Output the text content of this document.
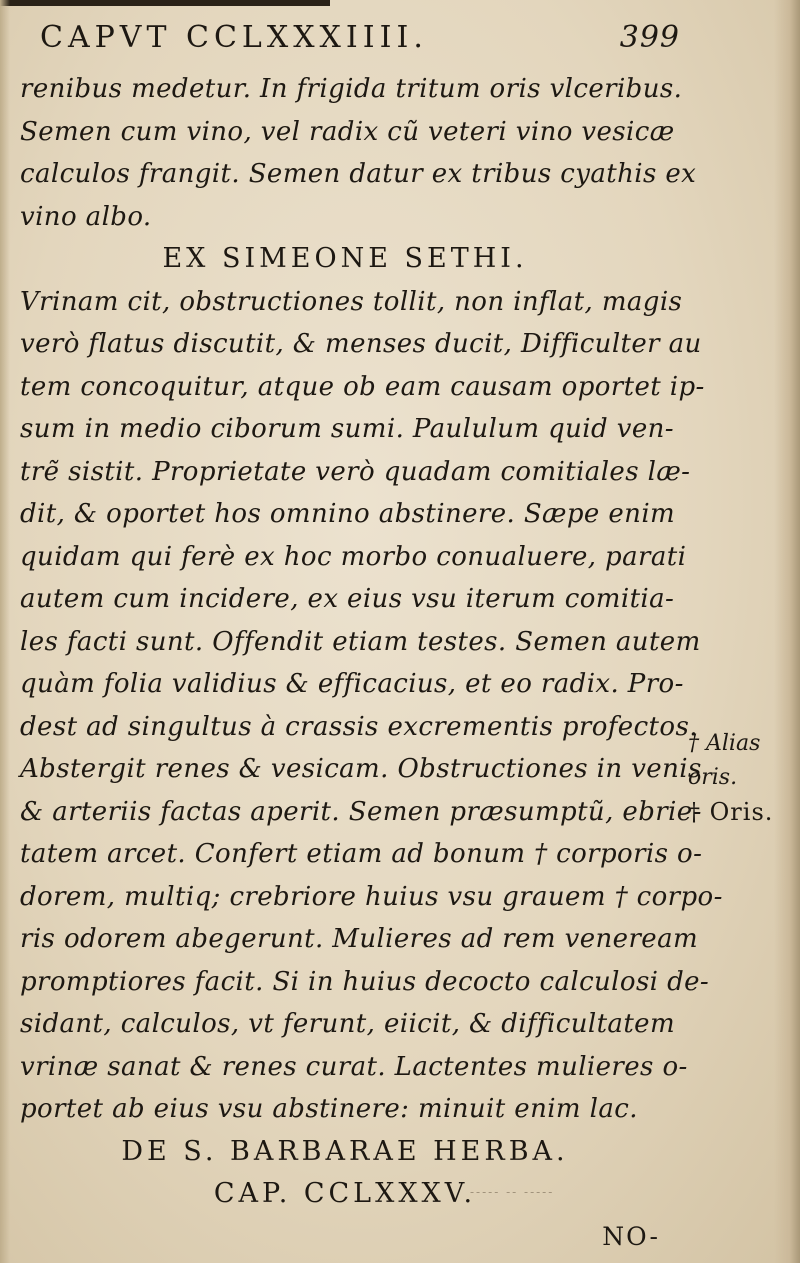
CAPVT CCLXXXIIII.	399
renibus medetur. In frigida tritum oris vlceribus.
Semen cum vino, vel radix cũ veteri vino vesicæ
calculos frangit. Semen datur ex tribus cyathis ex
vino albo.
EX SIMEONE SETHI.
Vrinam cit, obstructiones tollit, non inflat, magis
verò flatus discutit, & menses ducit, Difficulter au
tem concoquitur, atque ob eam causam oportet ip-
sum in medio ciborum sumi. Paululum quid ven-
trẽ sistit. Proprietate verò quadam comitiales læ-
dit, & oportet hos omnino abstinere. Sæpe enim
quidam qui ferè ex hoc morbo conualuere, parati
autem cum incidere, ex eius vsu iterum comitia-
les facti sunt. Offendit etiam testes. Semen autem
quàm folia validius & efficacius, et eo radix. Pro-
dest ad singultus à crassis excrementis profectos.
Abstergit renes & vesicam. Obstructiones in venis
& arteriis factas aperit. Semen præsumptũ, ebrie-
tatem arcet. Confert etiam ad bonum † corporis o-
dorem, multiq; crebriore huius vsu grauem † corpo-
ris odorem abegerunt. Mulieres ad rem veneream
promptiores facit. Si in huius decocto calculosi de-
sidant, calculos, vt ferunt, eiicit, & difficultatem
vrinæ sanat & renes curat. Lactentes mulieres o-
portet ab eius vsu abstinere: minuit enim lac.
DE S. BARBARAE HERBA.
CAP. CCLXXXV.
NO-
† Alias
oris.
† Oris.
----- -- -----
